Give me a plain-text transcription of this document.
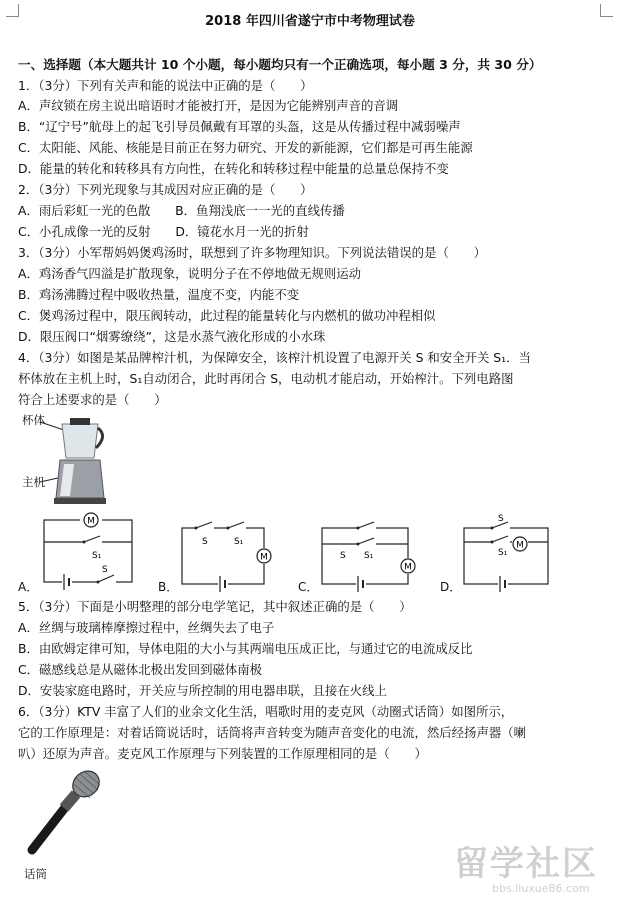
2018 年四川省遂宁市中考物理试卷
一、选择题（本大题共计 10 个小题，每小题均只有一个正确选项，每小题 3 分，共 30 分）
1．（3分）下列有关声和能的说法中正确的是（　　）
A．声纹锁在房主说出暗语时才能被打开，是因为它能辨别声音的音调
B．“辽宁号”航母上的起飞引导员佩戴有耳罩的头盔，这是从传播过程中减弱噪声
C．太阳能、风能、核能是目前正在努力研究、开发的新能源，它们都是可再生能源
D．能量的转化和转移具有方向性，在转化和转移过程中能量的总量总保持不变
2．（3分）下列光现象与其成因对应正确的是（　　）
A．雨后彩虹一光的色散　　B．鱼翔浅底一一光的直线传播
C．小孔成像一光的反射　　D．镜花水月一光的折射
3．（3分）小军帮妈妈煲鸡汤时，联想到了许多物理知识。下列说法错误的是（　　）
A．鸡汤香气四溢是扩散现象，说明分子在不停地做无规则运动
B．鸡汤沸腾过程中吸收热量，温度不变，内能不变
C．煲鸡汤过程中，限压阀转动，此过程的能量转化与内燃机的做功冲程相似
D．限压阀口“烟雾缭绕”，这是水蒸气液化形成的小水珠
4．（3分）如图是某品牌榨汁机，为保障安全，该榨汁机设置了电源开关 S 和安全开关 S₁．当
杯体放在主机上时，S₁自动闭合，此时再闭合 S，电动机才能启动，开始榨汁。下列电路图
符合上述要求的是（　　）
杯体
主机
M
S₁
S
A．
S	S₁
M
B．
S₁
S
M
C．
S₁
S
M
D．
5．（3分）下面是小明整理的部分电学笔记，其中叙述正确的是（　　）
A．丝绸与玻璃棒摩擦过程中，丝绸失去了电子
B．由欧姆定律可知，导体电阻的大小与其两端电压成正比，与通过它的电流成反比
C．磁感线总是从磁体北极出发回到磁体南极
D．安装家庭电路时，开关应与所控制的用电器串联，且接在火线上
6．（3分）KTV 丰富了人们的业余文化生活，唱歌时用的麦克风（动圈式话筒）如图所示，
它的工作原理是：对着话筒说话时，话筒将声音转变为随声音变化的电流，然后经扬声器（喇
叭）还原为声音。麦克风工作原理与下列装置的工作原理相同的是（　　）
话筒	留学社区
bbs.liuxue86.com
